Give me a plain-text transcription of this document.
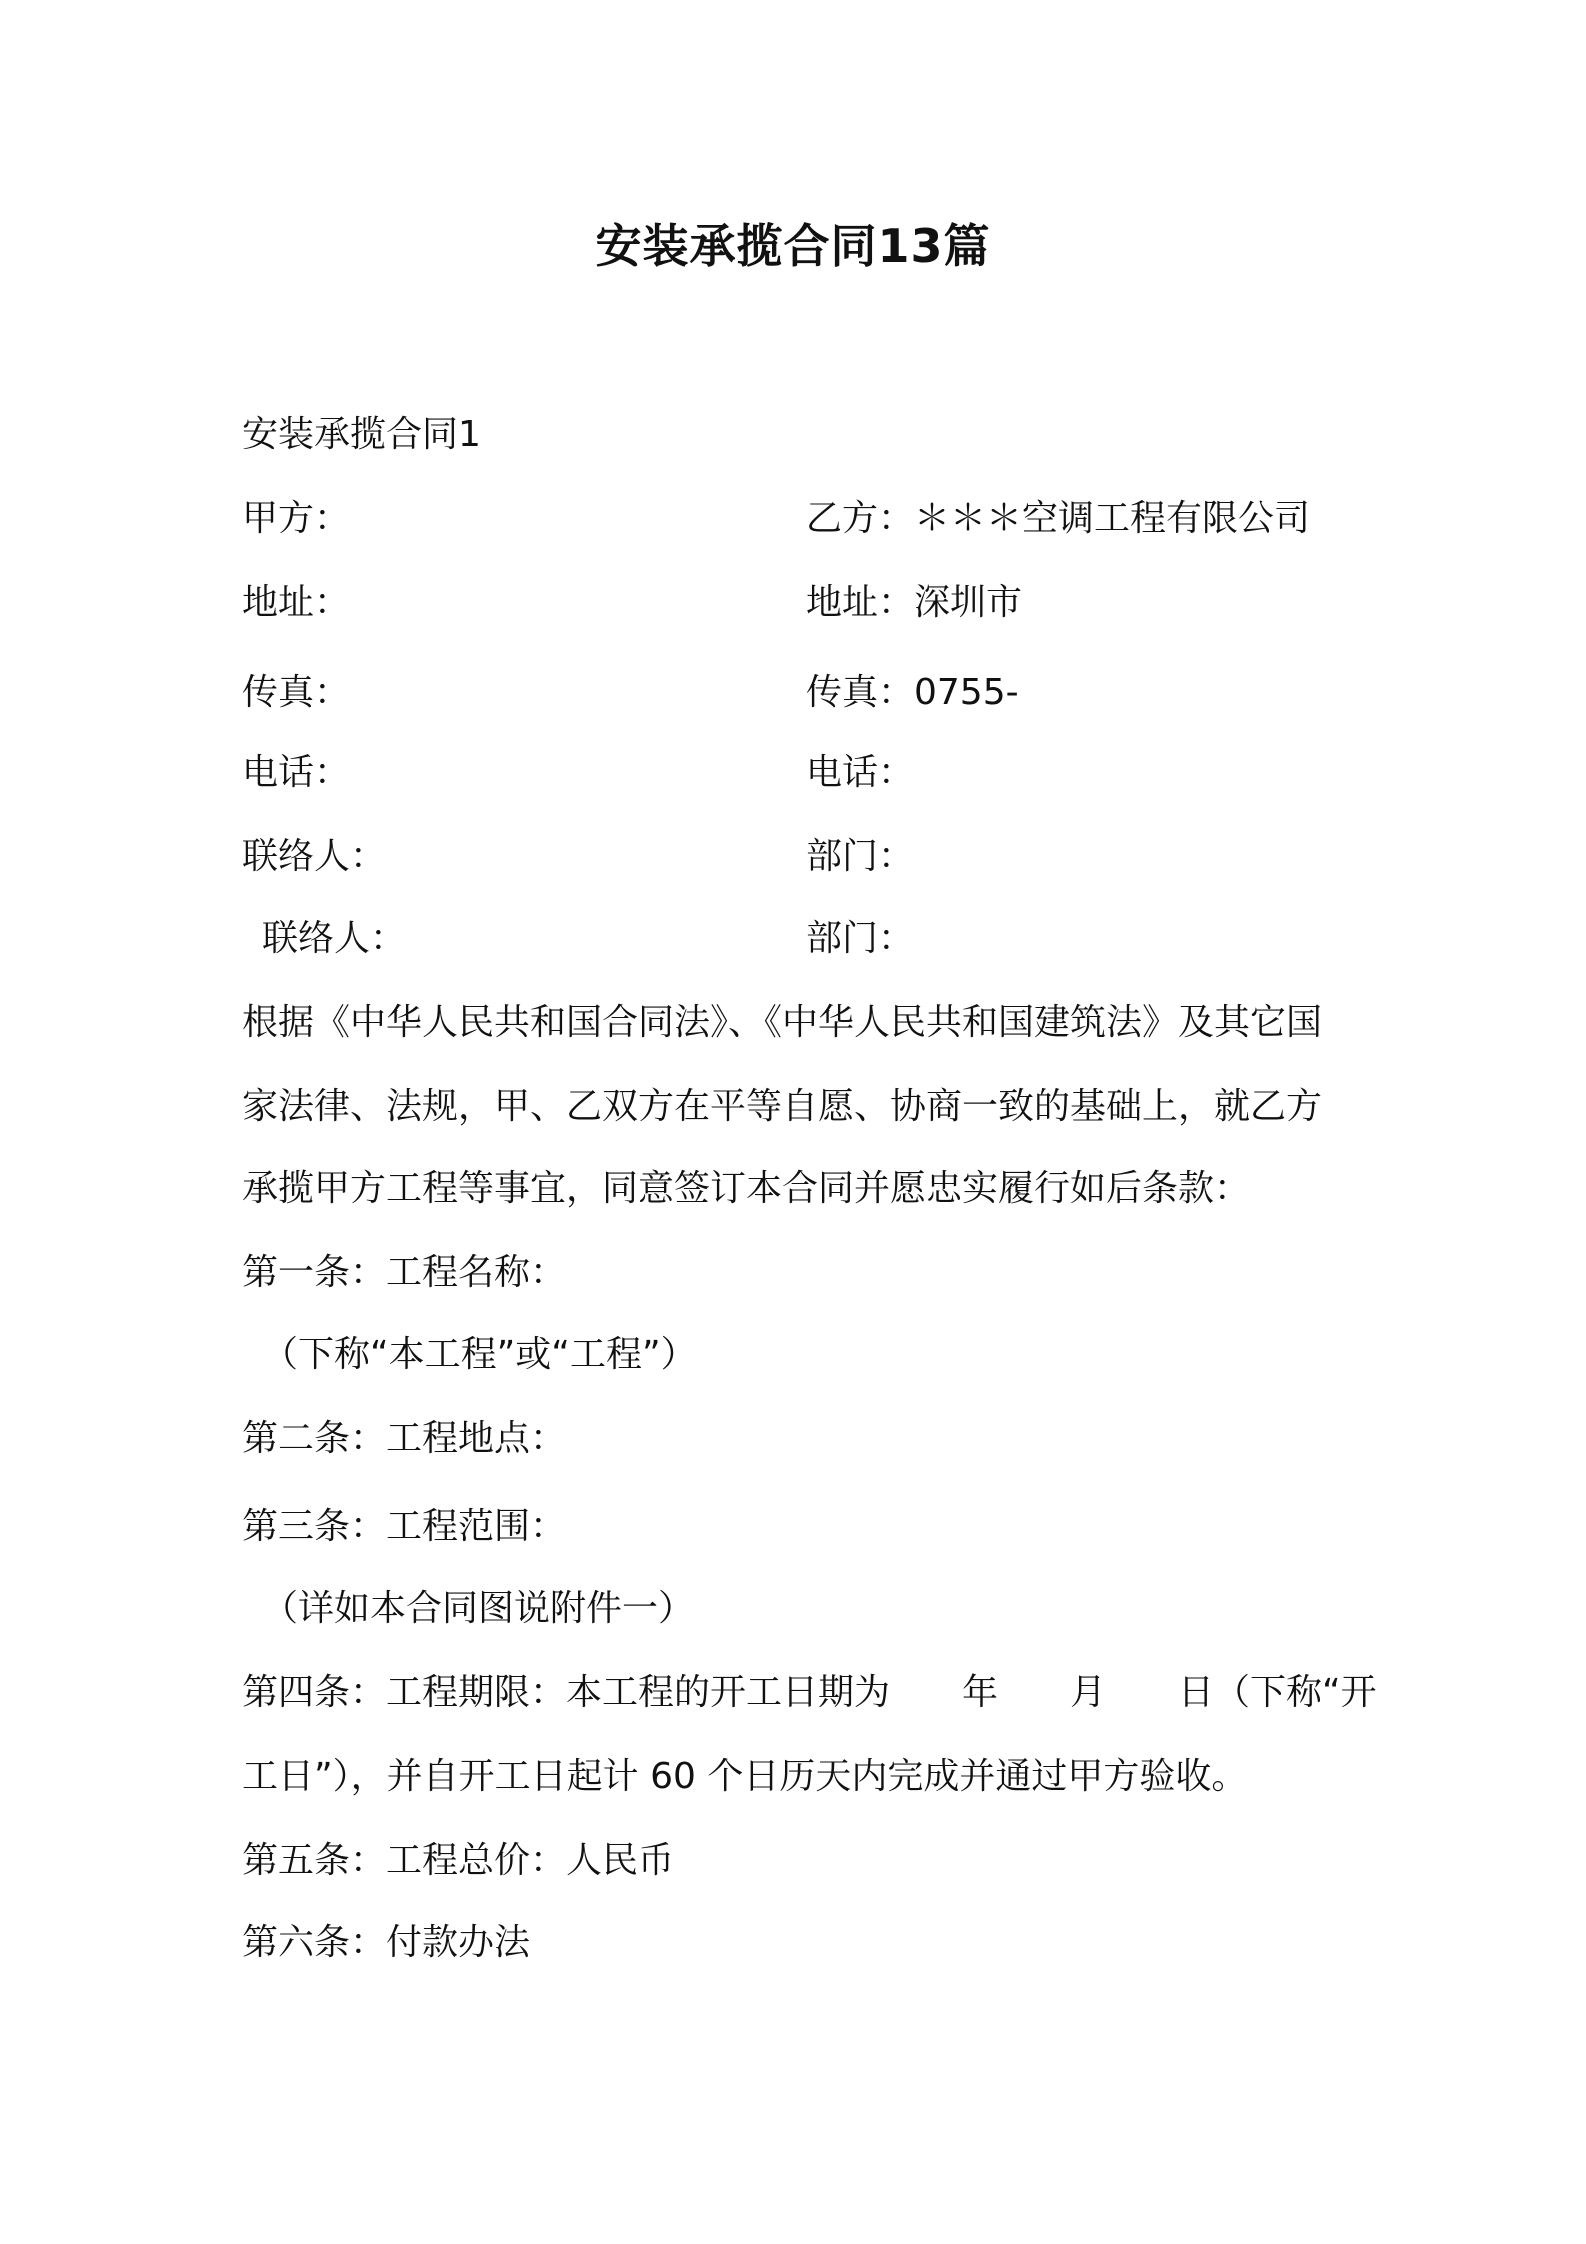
安装承揽合同13篇
安装承揽合同1
甲方：	乙方：＊＊＊空调工程有限公司
地址：	地址：深圳市
传真：	传真：0755-
电话：	电话：
联络人：	部门：
联络人：	部门：
根据《中华人民共和国合同法》、《中华人民共和国建筑法》及其它国
家法律、法规，甲、乙双方在平等自愿、协商一致的基础上，就乙方
承揽甲方工程等事宜，同意签订本合同并愿忠实履行如后条款：
第一条：工程名称：
（下称“本工程”或“工程”）
第二条：工程地点：
第三条：工程范围：
（详如本合同图说附件一）
第四条：工程期限：本工程的开工日期为　　年　　月　　日（下称“开
工日”），并自开工日起计 60 个日历天内完成并通过甲方验收。
第五条：工程总价：人民币
第六条：付款办法
